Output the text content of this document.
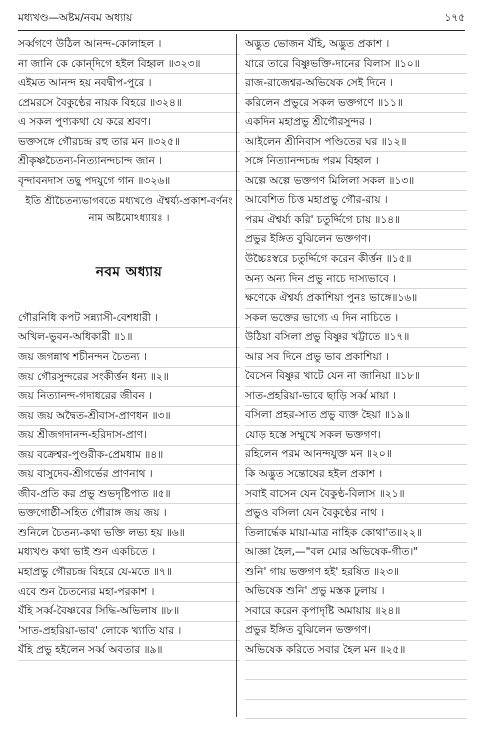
মধ্যখণ্ড—অষ্টম/নবম অধ্যায়	১৭৫
সর্ব্বগণে উঠিল আনন্দ-কোলাহল ।
না জানি কে কোন্‌দিগে হইল বিহ্বল ॥৩২৩॥
এইমত আনন্দ হয় নবদ্বীপ-পুরে ।
প্রেমরসে বৈকুণ্ঠের নায়ক বিহরে ॥৩২৪॥
এ সকল পুণ্যকথা যে করে শ্রবণ।
ভক্তসঙ্গে গৌরচন্দ্র রহু তার মন ॥৩২৫॥
শ্রীকৃষ্ণচৈতন্য-নিত্যানন্দচান্দ জান ।
বৃন্দাবনদাস তছু পদযুগে গান ॥৩২৬॥
ইতি শ্রীচৈতন্যভাগবতে মধ্যখণ্ডে ঐশ্বর্য্য-প্রকাশ-বর্ণনং নাম অষ্টমোঽধ্যায়ঃ ।
নবম অধ্যায়
গৌরনিধি কপট সন্ন্যাসী-বেশধারী ।
অখিল-ভুবন-অধিকারী ॥১॥
জয় জগন্নাথ শচীনন্দন চৈতন্য ।
জয় গৌরসুন্দরের সংকীর্ত্তন ধন্য ॥২॥
জয় নিত্যানন্দ-গদাধরের জীবন ।
জয় জয় অদ্বৈত-শ্রীবাস-প্রাণধন ॥৩॥
জয় শ্রীজগদানন্দ-হরিদাস-প্রাণ।
জয় বক্রেশ্বর-পুণ্ডরীক-প্রেমধাম ॥৪॥
জয় বাসুদেব-শ্রীগর্ভের প্রাণনাথ ।
জীব-প্রতি কর প্রভু শুভদৃষ্টিপাত ॥৫॥
ভক্তগোষ্ঠী-সহিত গৌরাঙ্গ জয় জয় ।
শুনিলে চৈতন্য-কথা ভক্তি লভ্য হয় ॥৬॥
মধ্যখণ্ড কথা ভাই শুন একচিতে ।
মহাপ্রভু গৌরচন্দ্র বিহরে যে-মতে ॥৭॥
এবে শুন চৈতন্যের মহা-পরকাশ ।
যঁহি সর্ব্ব-বৈষ্ণবের সিদ্ধি-অভিলাষ ॥৮॥
'সাত-প্রহরিয়া-ভাব' লোকে খ্যাতি যার ।
যঁহি প্রভু হইলেন সর্ব্ব অবতার ॥৯॥
অদ্ভুত ভোজন যঁহি, অদ্ভুত প্রকাশ ।
যারে তারে বিষ্ণুভক্তি-দানের বিলাস ॥১০॥
রাজ-রাজেশ্বর-অভিষেক সেই দিনে ।
করিলেন প্রভুরে সকল ভক্তগণে ॥১১॥
একদিন মহাপ্রভু শ্রীগৌরসুন্দর ।
আইলেন শ্রীনিবাস পণ্ডিতের ঘর ॥১২॥
সঙ্গে নিত্যানন্দচন্দ্র পরম বিহ্বল ।
অল্পে অল্পে ভক্তগণ মিলিলা সকল ॥১৩॥
আবেশিত চিত্ত মহাপ্রভু গৌর-রায় ।
পরম ঐশ্বর্য্য করি' চতুর্দ্দিগে চায় ॥১৪॥
প্রভুর ইঙ্গিত বুঝিলেন ভক্তগণ।
উচ্চৈঃস্বরে চতুর্দ্দিগে করেন কীর্ত্তন ॥১৫॥
অন্য অন্য দিন প্রভু নাচে দাস্যভাবে ।
ক্ষণেকে ঐশ্বর্য্য প্রকাশিয়া পুনঃ ভাঙ্গে॥১৬॥
সকল ভক্তের ভাগ্যে এ দিন নাচিতে ।
উঠিয়া বসিলা প্রভু বিষ্ণুর খট্টাতে ॥১৭॥
আর সব দিনে প্রভু ভাব প্রকাশিয়া ।
বৈসেন বিষ্ণুর খাটে যেন না জানিয়া ॥১৮॥
সাত-প্রহরিয়া-ভাবে ছাড়ি সর্ব্ব মায়া ।
বসিলা প্রহর-সাত প্রভু ব্যক্ত হৈয়া ॥১৯॥
যোড় হস্তে সম্মুখে সকল ভক্তগণ।
রহিলেন পরম আনন্দযুক্ত মন ॥২০॥
কি অদ্ভুত সন্তোষের হইল প্রকাশ ।
সবাই বাসেন যেন বৈকুণ্ঠ-বিলাস ॥২১॥
প্রভুও বসিলা যেন বৈকুণ্ঠের নাথ ।
তিলার্দ্ধেক মায়া-মাত্র নাহিক কোথা'ত॥২২॥
আজ্ঞা হৈল,—"বল মোর অভিষেক-গীত।"
শুনি' গায় ভক্তগণ হই' হরষিত ॥২৩॥
অভিষেক শুনি' প্রভু মস্তক ঢুলায় ।
সবারে করেন কৃপাদৃষ্টি অমায়ায় ॥২৪॥
প্রভুর ইঙ্গিত বুঝিলেন ভক্তগণ।
অভিষেক করিতে সবার হৈল মন ॥২৫॥
